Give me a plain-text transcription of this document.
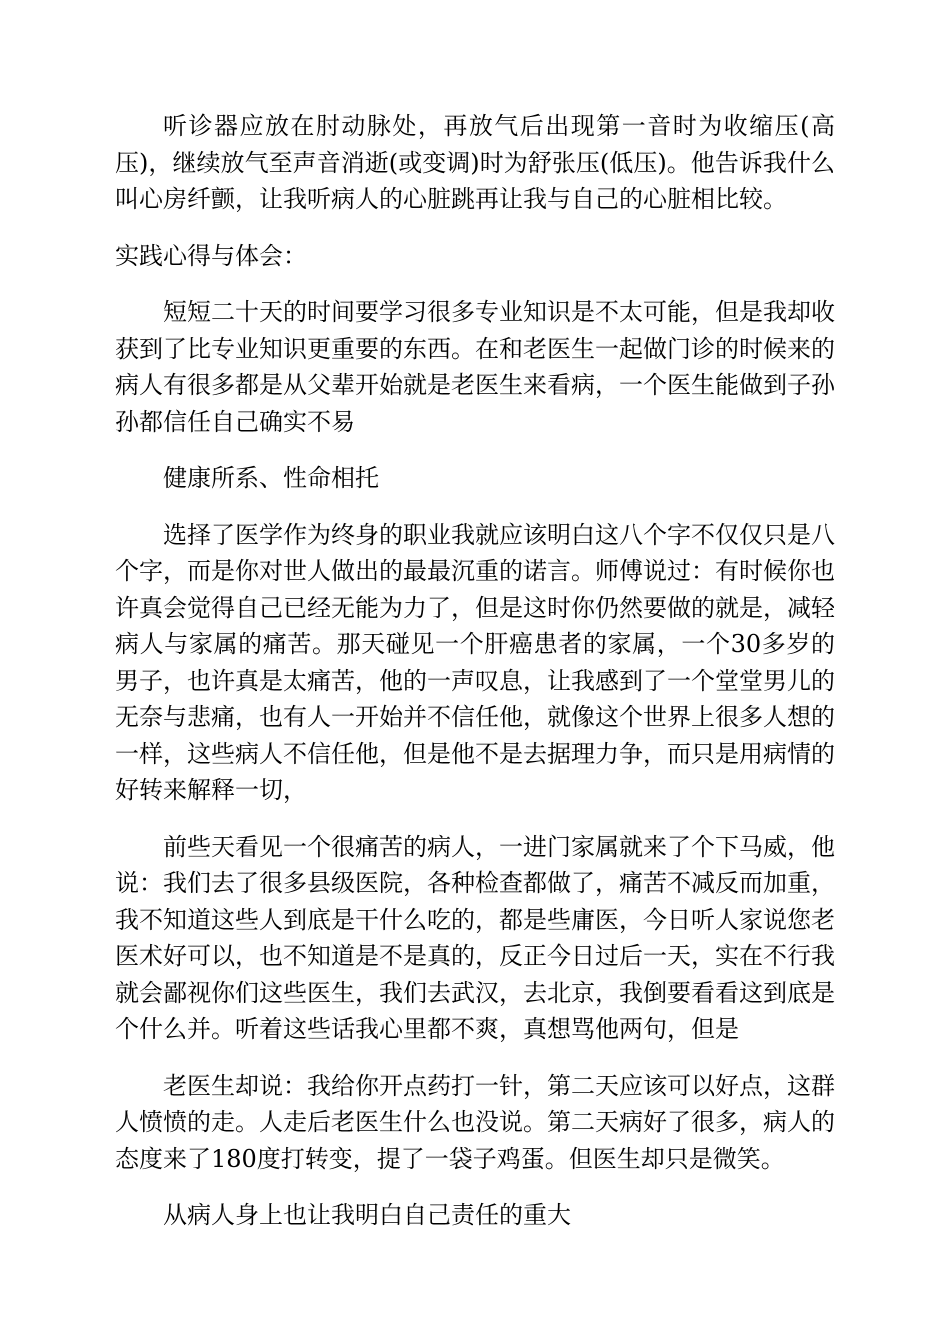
听诊器应放在肘动脉处，再放气后出现第一音时为收缩压(高压)，继续放气至声音消逝(或变调)时为舒张压(低压)。他告诉我什么叫心房纤颤，让我听病人的心脏跳再让我与自己的心脏相比较。

实践心得与体会：

短短二十天的时间要学习很多专业知识是不太可能，但是我却收获到了比专业知识更重要的东西。在和老医生一起做门诊的时候来的病人有很多都是从父辈开始就是老医生来看病，一个医生能做到子孙孙都信任自己确实不易

健康所系、性命相托

选择了医学作为终身的职业我就应该明白这八个字不仅仅只是八个字，而是你对世人做出的最最沉重的诺言。师傅说过：有时候你也许真会觉得自己已经无能为力了，但是这时你仍然要做的就是，减轻病人与家属的痛苦。那天碰见一个肝癌患者的家属，一个30多岁的男子，也许真是太痛苦，他的一声叹息，让我感到了一个堂堂男儿的无奈与悲痛，也有人一开始并不信任他，就像这个世界上很多人想的一样，这些病人不信任他，但是他不是去据理力争，而只是用病情的好转来解释一切，

前些天看见一个很痛苦的病人，一进门家属就来了个下马威，他说：我们去了很多县级医院，各种检查都做了，痛苦不减反而加重，我不知道这些人到底是干什么吃的，都是些庸医，今日听人家说您老医术好可以，也不知道是不是真的，反正今日过后一天，实在不行我就会鄙视你们这些医生，我们去武汉，去北京，我倒要看看这到底是个什么并。听着这些话我心里都不爽，真想骂他两句，但是

老医生却说：我给你开点药打一针，第二天应该可以好点，这群人愤愤的走。人走后老医生什么也没说。第二天病好了很多，病人的态度来了180度打转变，提了一袋子鸡蛋。但医生却只是微笑。

从病人身上也让我明白自己责任的重大
